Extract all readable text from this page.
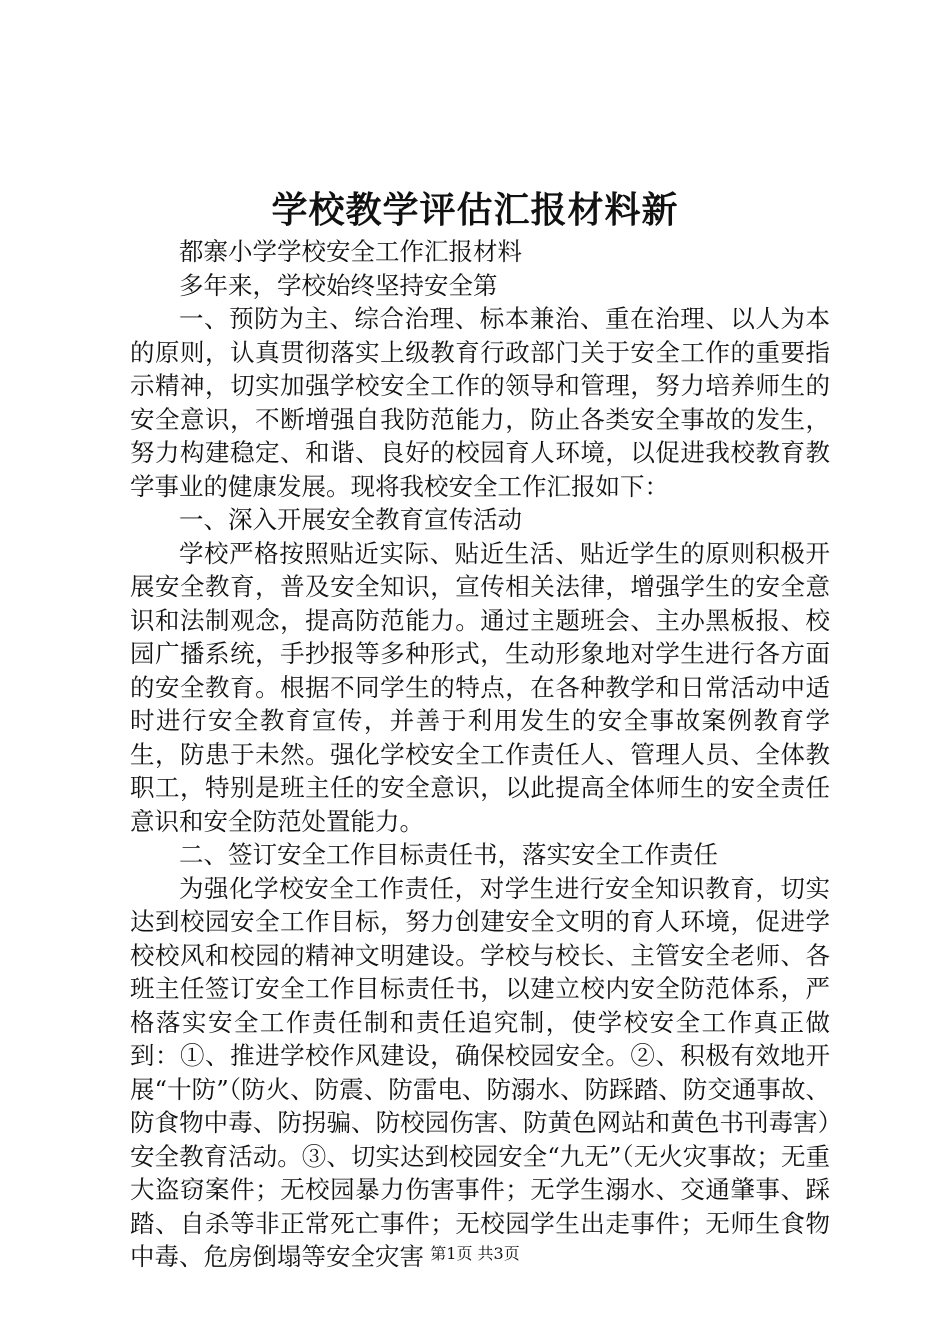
学校教学评估汇报材料新

都寨小学学校安全工作汇报材料

多年来，学校始终坚持安全第

一、预防为主、综合治理、标本兼治、重在治理、以人为本的原则，认真贯彻落实上级教育行政部门关于安全工作的重要指示精神，切实加强学校安全工作的领导和管理，努力培养师生的安全意识，不断增强自我防范能力，防止各类安全事故的发生，努力构建稳定、和谐、良好的校园育人环境，以促进我校教育教学事业的健康发展。现将我校安全工作汇报如下：

一、深入开展安全教育宣传活动

学校严格按照贴近实际、贴近生活、贴近学生的原则积极开展安全教育，普及安全知识，宣传相关法律，增强学生的安全意识和法制观念，提高防范能力。通过主题班会、主办黑板报、校园广播系统，手抄报等多种形式，生动形象地对学生进行各方面的安全教育。根据不同学生的特点，在各种教学和日常活动中适时进行安全教育宣传，并善于利用发生的安全事故案例教育学生，防患于未然。强化学校安全工作责任人、管理人员、全体教职工，特别是班主任的安全意识，以此提高全体师生的安全责任意识和安全防范处置能力。

二、签订安全工作目标责任书，落实安全工作责任

为强化学校安全工作责任，对学生进行安全知识教育，切实达到校园安全工作目标，努力创建安全文明的育人环境，促进学校校风和校园的精神文明建设。学校与校长、主管安全老师、各班主任签订安全工作目标责任书，以建立校内安全防范体系，严格落实安全工作责任制和责任追究制，使学校安全工作真正做到：①、推进学校作风建设，确保校园安全。②、积极有效地开展“十防”（防火、防震、防雷电、防溺水、防踩踏、防交通事故、防食物中毒、防拐骗、防校园伤害、防黄色网站和黄色书刊毒害）安全教育活动。③、切实达到校园安全“九无”（无火灾事故；无重大盗窃案件；无校园暴力伤害事件；无学生溺水、交通肇事、踩踏、自杀等非正常死亡事件；无校园学生出走事件；无师生食物中毒、危房倒塌等安全灾害 第1页 共3页
